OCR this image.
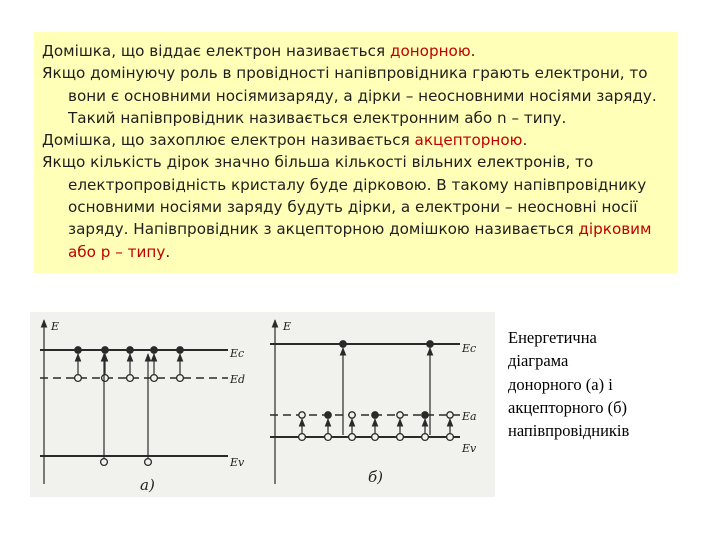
Домішка, що віддає електрон називається донорною.

Якщо домінуючу роль в провідності напівпровідника грають електрони, то вони є основними носіямизаряду, а дірки – неосновними носіями заряду. Такий напівпровідник називається електронним або n – типу.

Домішка, що захоплює електрон називається акцепторною.

Якщо кількість дірок значно більша кількості вільних електронів, то електропровідність кристалу буде дірковою. В такому напівпровіднику основними носіями заряду будуть дірки, а електрони – неосновні носії заряду. Напівпровідник з акцепторною домішкою називається дірковим або р – типу.

E
Ec
Ed
Ev
a)
E
Ec
Ea
Ev
б)
Енергетична
діаграма
донорного (а) і
акцепторного (б)
напівпровідників
